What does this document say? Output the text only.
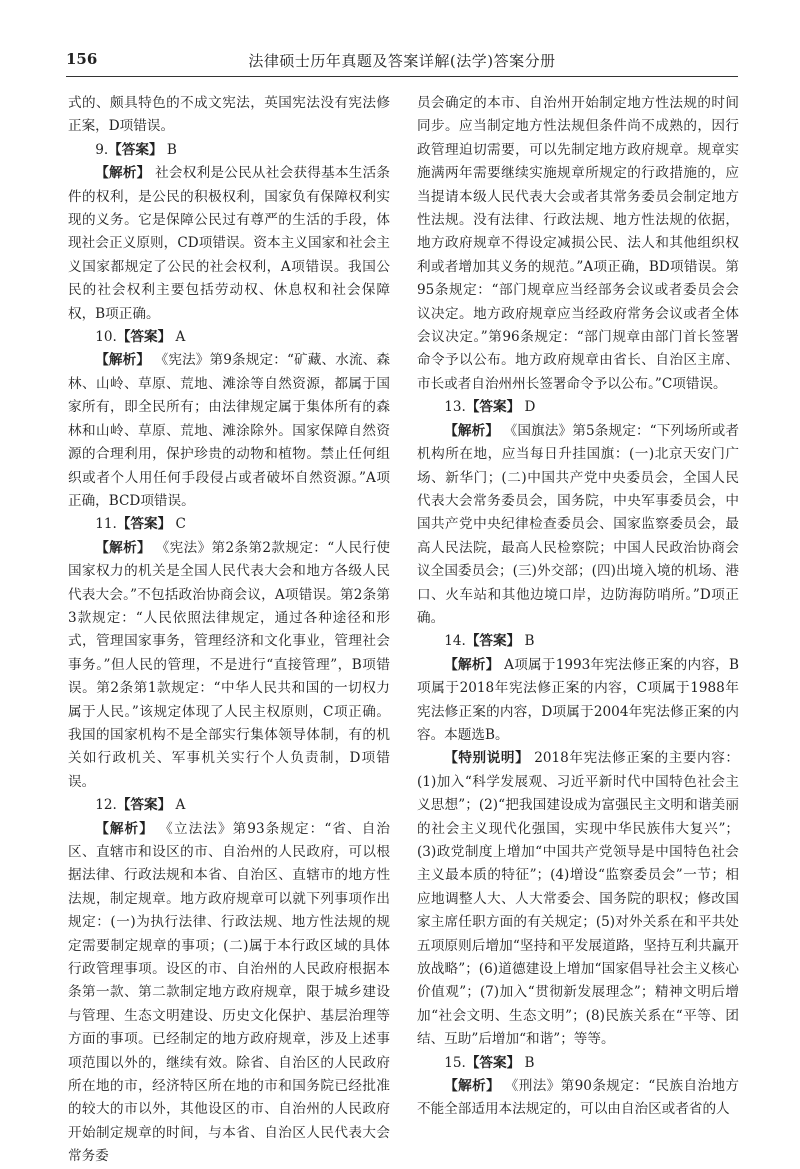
156	法律硕士历年真题及答案详解(法学)答案分册

式的、颇具特色的不成文宪法，英国宪法没有宪法修正案，D项错误。

9.【答案】 B

【解析】 社会权利是公民从社会获得基本生活条件的权利，是公民的积极权利，国家负有保障权利实现的义务。它是保障公民过有尊严的生活的手段，体现社会正义原则，CD项错误。资本主义国家和社会主义国家都规定了公民的社会权利，A项错误。我国公民的社会权利主要包括劳动权、休息权和社会保障权，B项正确。

10.【答案】 A

【解析】 《宪法》第9条规定：“矿藏、水流、森林、山岭、草原、荒地、滩涂等自然资源，都属于国家所有，即全民所有；由法律规定属于集体所有的森林和山岭、草原、荒地、滩涂除外。国家保障自然资源的合理利用，保护珍贵的动物和植物。禁止任何组织或者个人用任何手段侵占或者破坏自然资源。”A项正确，BCD项错误。

11.【答案】 C

【解析】 《宪法》第2条第2款规定：“人民行使国家权力的机关是全国人民代表大会和地方各级人民代表大会。”不包括政治协商会议，A项错误。第2条第3款规定：“人民依照法律规定，通过各种途径和形式，管理国家事务，管理经济和文化事业，管理社会事务。”但人民的管理，不是进行“直接管理”，B项错误。第2条第1款规定：“中华人民共和国的一切权力属于人民。”该规定体现了人民主权原则，C项正确。我国的国家机构不是全部实行集体领导体制，有的机关如行政机关、军事机关实行个人负责制，D项错误。

12.【答案】 A

【解析】 《立法法》第93条规定：“省、自治区、直辖市和设区的市、自治州的人民政府，可以根据法律、行政法规和本省、自治区、直辖市的地方性法规，制定规章。地方政府规章可以就下列事项作出规定：(一)为执行法律、行政法规、地方性法规的规定需要制定规章的事项；(二)属于本行政区域的具体行政管理事项。设区的市、自治州的人民政府根据本条第一款、第二款制定地方政府规章，限于城乡建设与管理、生态文明建设、历史文化保护、基层治理等方面的事项。已经制定的地方政府规章，涉及上述事项范围以外的，继续有效。除省、自治区的人民政府所在地的市，经济特区所在地的市和国务院已经批准的较大的市以外，其他设区的市、自治州的人民政府开始制定规章的时间，与本省、自治区人民代表大会常务委

员会确定的本市、自治州开始制定地方性法规的时间同步。应当制定地方性法规但条件尚不成熟的，因行政管理迫切需要，可以先制定地方政府规章。规章实施满两年需要继续实施规章所规定的行政措施的，应当提请本级人民代表大会或者其常务委员会制定地方性法规。没有法律、行政法规、地方性法规的依据，地方政府规章不得设定减损公民、法人和其他组织权利或者增加其义务的规范。”A项正确，BD项错误。第95条规定：“部门规章应当经部务会议或者委员会会议决定。地方政府规章应当经政府常务会议或者全体会议决定。”第96条规定：“部门规章由部门首长签署命令予以公布。地方政府规章由省长、自治区主席、市长或者自治州州长签署命令予以公布。”C项错误。

13.【答案】 D

【解析】 《国旗法》第5条规定：“下列场所或者机构所在地，应当每日升挂国旗：(一)北京天安门广场、新华门；(二)中国共产党中央委员会，全国人民代表大会常务委员会，国务院，中央军事委员会，中国共产党中央纪律检查委员会、国家监察委员会，最高人民法院，最高人民检察院；中国人民政治协商会议全国委员会；(三)外交部；(四)出境入境的机场、港口、火车站和其他边境口岸，边防海防哨所。”D项正确。

14.【答案】 B

【解析】 A项属于1993年宪法修正案的内容，B项属于2018年宪法修正案的内容，C项属于1988年宪法修正案的内容，D项属于2004年宪法修正案的内容。本题选B。

【特别说明】 2018年宪法修正案的主要内容：(1)加入“科学发展观、习近平新时代中国特色社会主义思想”；(2)“把我国建设成为富强民主文明和谐美丽的社会主义现代化强国，实现中华民族伟大复兴”；(3)政党制度上增加“中国共产党领导是中国特色社会主义最本质的特征”；(4)增设“监察委员会”一节；相应地调整人大、人大常委会、国务院的职权；修改国家主席任职方面的有关规定；(5)对外关系在和平共处五项原则后增加“坚持和平发展道路，坚持互利共赢开放战略”；(6)道德建设上增加“国家倡导社会主义核心价值观”；(7)加入“贯彻新发展理念”；精神文明后增加“社会文明、生态文明”；(8)民族关系在“平等、团结、互助”后增加“和谐”；等等。

15.【答案】 B

【解析】 《刑法》第90条规定：“民族自治地方不能全部适用本法规定的，可以由自治区或者省的人
